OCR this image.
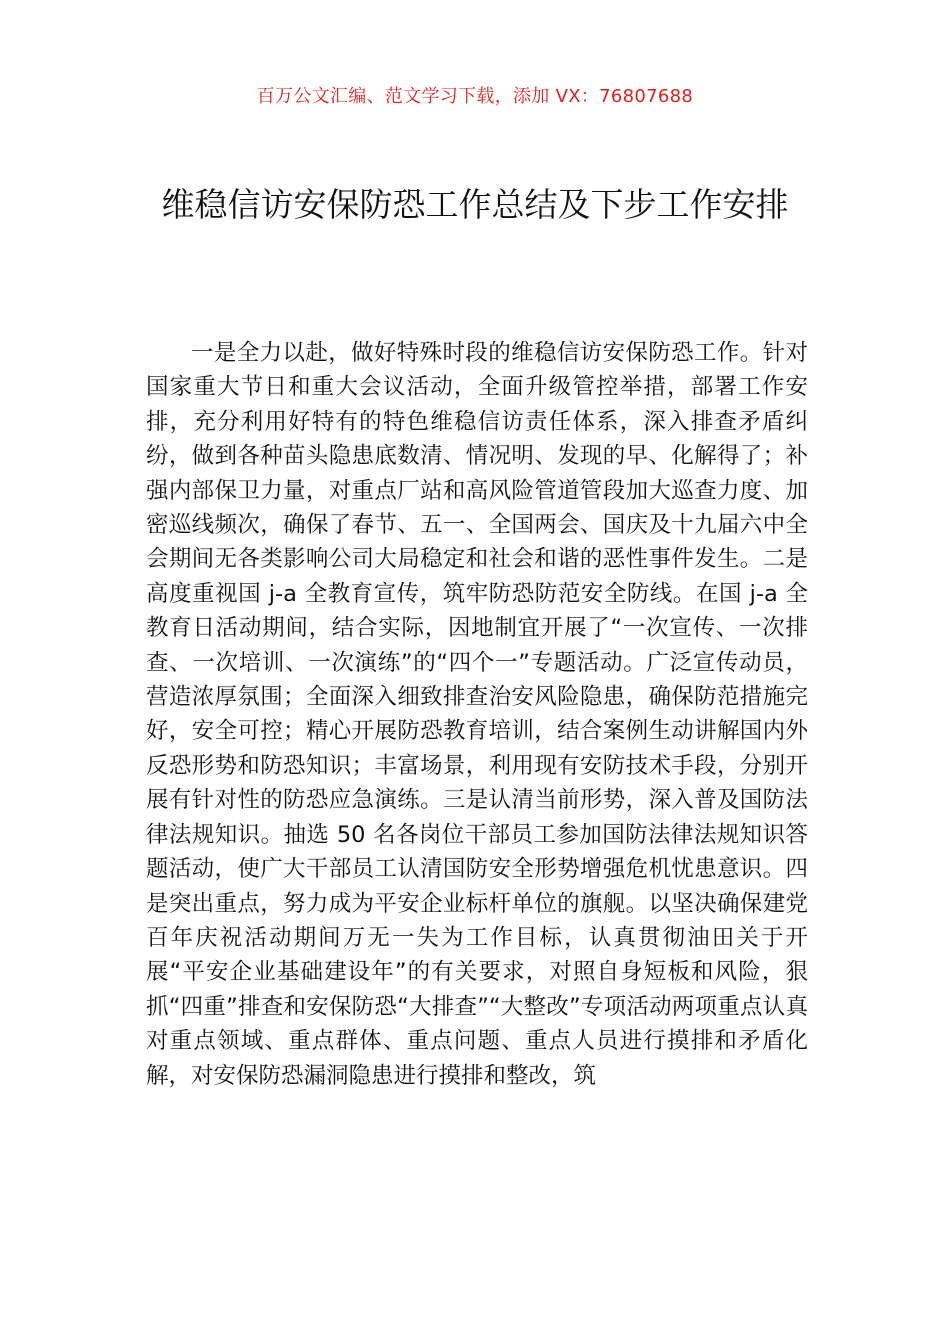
百万公文汇编、范文学习下载，添加 VX：76807688
维稳信访安保防恐工作总结及下步工作安排

一是全力以赴，做好特殊时段的维稳信访安保防恐工作。针对国家重大节日和重大会议活动，全面升级管控举措，部署工作安排，充分利用好特有的特色维稳信访责任体系，深入排查矛盾纠纷，做到各种苗头隐患底数清、情况明、发现的早、化解得了；补强内部保卫力量，对重点厂站和高风险管道管段加大巡查力度、加密巡线频次，确保了春节、五一、全国两会、国庆及十九届六中全会期间无各类影响公司大局稳定和社会和谐的恶性事件发生。二是高度重视国 j-a 全教育宣传，筑牢防恐防范安全防线。在国 j-a 全教育日活动期间，结合实际，因地制宜开展了“一次宣传、一次排查、一次培训、一次演练”的“四个一”专题活动。广泛宣传动员，营造浓厚氛围；全面深入细致排查治安风险隐患，确保防范措施完好，安全可控；精心开展防恐教育培训，结合案例生动讲解国内外反恐形势和防恐知识；丰富场景，利用现有安防技术手段，分别开展有针对性的防恐应急演练。三是认清当前形势，深入普及国防法律法规知识。抽选 50 名各岗位干部员工参加国防法律法规知识答题活动，使广大干部员工认清国防安全形势增强危机忧患意识。四是突出重点，努力成为平安企业标杆单位的旗舰。以坚决确保建党百年庆祝活动期间万无一失为工作目标，认真贯彻油田关于开展“平安企业基础建设年”的有关要求，对照自身短板和风险，狠抓“四重”排查和安保防恐“大排查”“大整改”专项活动两项重点认真对重点领域、重点群体、重点问题、重点人员进行摸排和矛盾化解，对安保防恐漏洞隐患进行摸排和整改，筑
